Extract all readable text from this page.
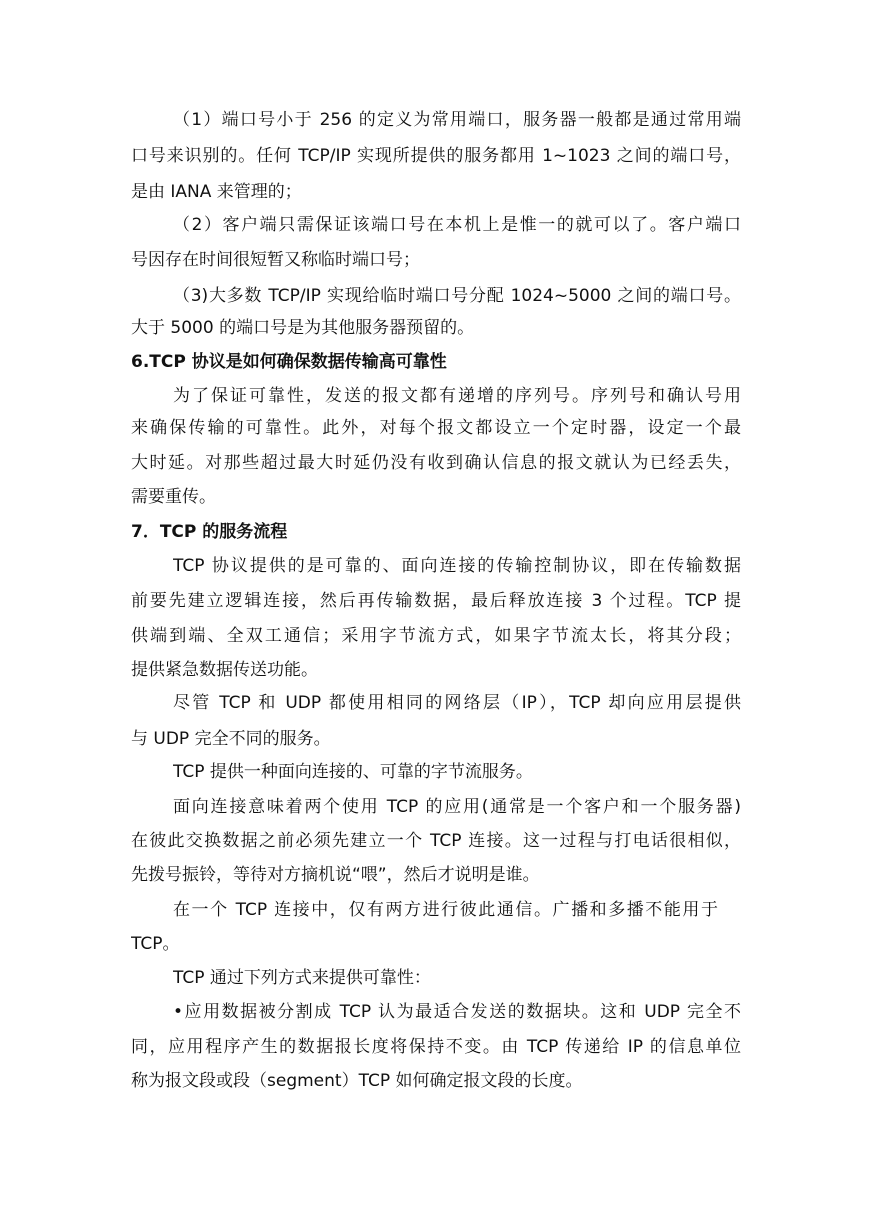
（1）端口号小于 256 的定义为常用端口，服务器一般都是通过常用端
口号来识别的。任何 TCP/IP 实现所提供的服务都用 1~1023 之间的端口号，
是由 IANA 来管理的；
（2）客户端只需保证该端口号在本机上是惟一的就可以了。客户端口
号因存在时间很短暂又称临时端口号；
（3)大多数 TCP/IP 实现给临时端口号分配 1024~5000 之间的端口号。
大于 5000 的端口号是为其他服务器预留的。
6.TCP 协议是如何确保数据传输高可靠性
为了保证可靠性，发送的报文都有递增的序列号。序列号和确认号用
来确保传输的可靠性。此外，对每个报文都设立一个定时器，设定一个最
大时延。对那些超过最大时延仍没有收到确认信息的报文就认为已经丢失，
需要重传。
7．TCP 的服务流程
TCP 协议提供的是可靠的、面向连接的传输控制协议，即在传输数据
前要先建立逻辑连接，然后再传输数据，最后释放连接 3 个过程。TCP 提
供端到端、全双工通信；采用字节流方式，如果字节流太长，将其分段；
提供紧急数据传送功能。
尽管 TCP 和 UDP 都使用相同的网络层（IP），TCP 却向应用层提供
与 UDP 完全不同的服务。
TCP 提供一种面向连接的、可靠的字节流服务。
面向连接意味着两个使用 TCP 的应用(通常是一个客户和一个服务器)
在彼此交换数据之前必须先建立一个 TCP 连接。这一过程与打电话很相似，
先拨号振铃，等待对方摘机说“喂”，然后才说明是谁。
在一个 TCP 连接中，仅有两方进行彼此通信。广播和多播不能用于
TCP。
TCP 通过下列方式来提供可靠性：
•应用数据被分割成 TCP 认为最适合发送的数据块。这和 UDP 完全不
同，应用程序产生的数据报长度将保持不变。由 TCP 传递给 IP 的信息单位
称为报文段或段（segment）TCP 如何确定报文段的长度。
